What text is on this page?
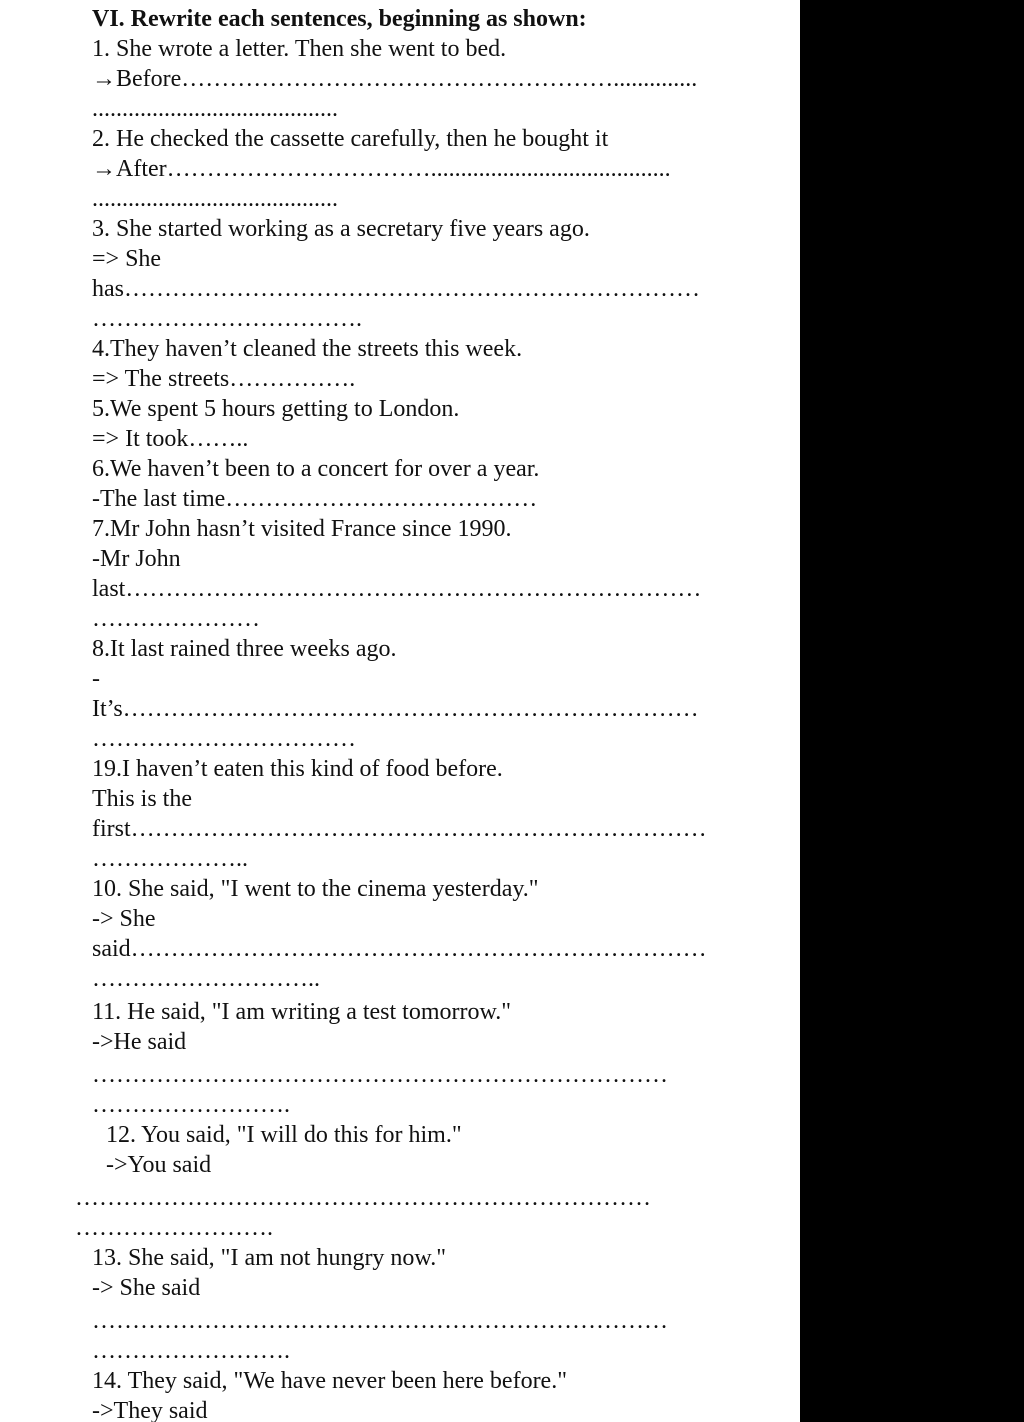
VI. Rewrite each sentences, beginning as shown:
1. She wrote a letter. Then she went to bed.
→Before………………………………………………..............
.........................................
2. He checked the cassette carefully, then he bought it
→After……………………………........................................
.........................................
3. She started working as a secretary five years ago.
=> She
has………………………………………………………………
…………………………….
4.They haven’t cleaned the streets this week.
=> The streets…………….
5.We spent 5 hours getting to London.
=> It took……..
6.We haven’t been to a concert for over a year.
-The last time…………………………………
7.Mr John hasn’t visited France since 1990.
-Mr John
last………………………………………………………………
…………………
8.It last rained three weeks ago.
-
It’s………………………………………………………………
……………………………
19.I haven’t eaten this kind of food before.
This is the
first………………………………………………………………
………………..
10. She said, "I went to the cinema yesterday."
-> She
said………………………………………………………………
………………………..
11. He said, "I am writing a test tomorrow."
->He said
………………………………………………………………
…………………….
12. You said, "I will do this for him."
->You said
………………………………………………………………
…………………….
13. She said, "I am not hungry now."
-> She said
………………………………………………………………
…………………….
14. They said, "We have never been here before."
->They said
